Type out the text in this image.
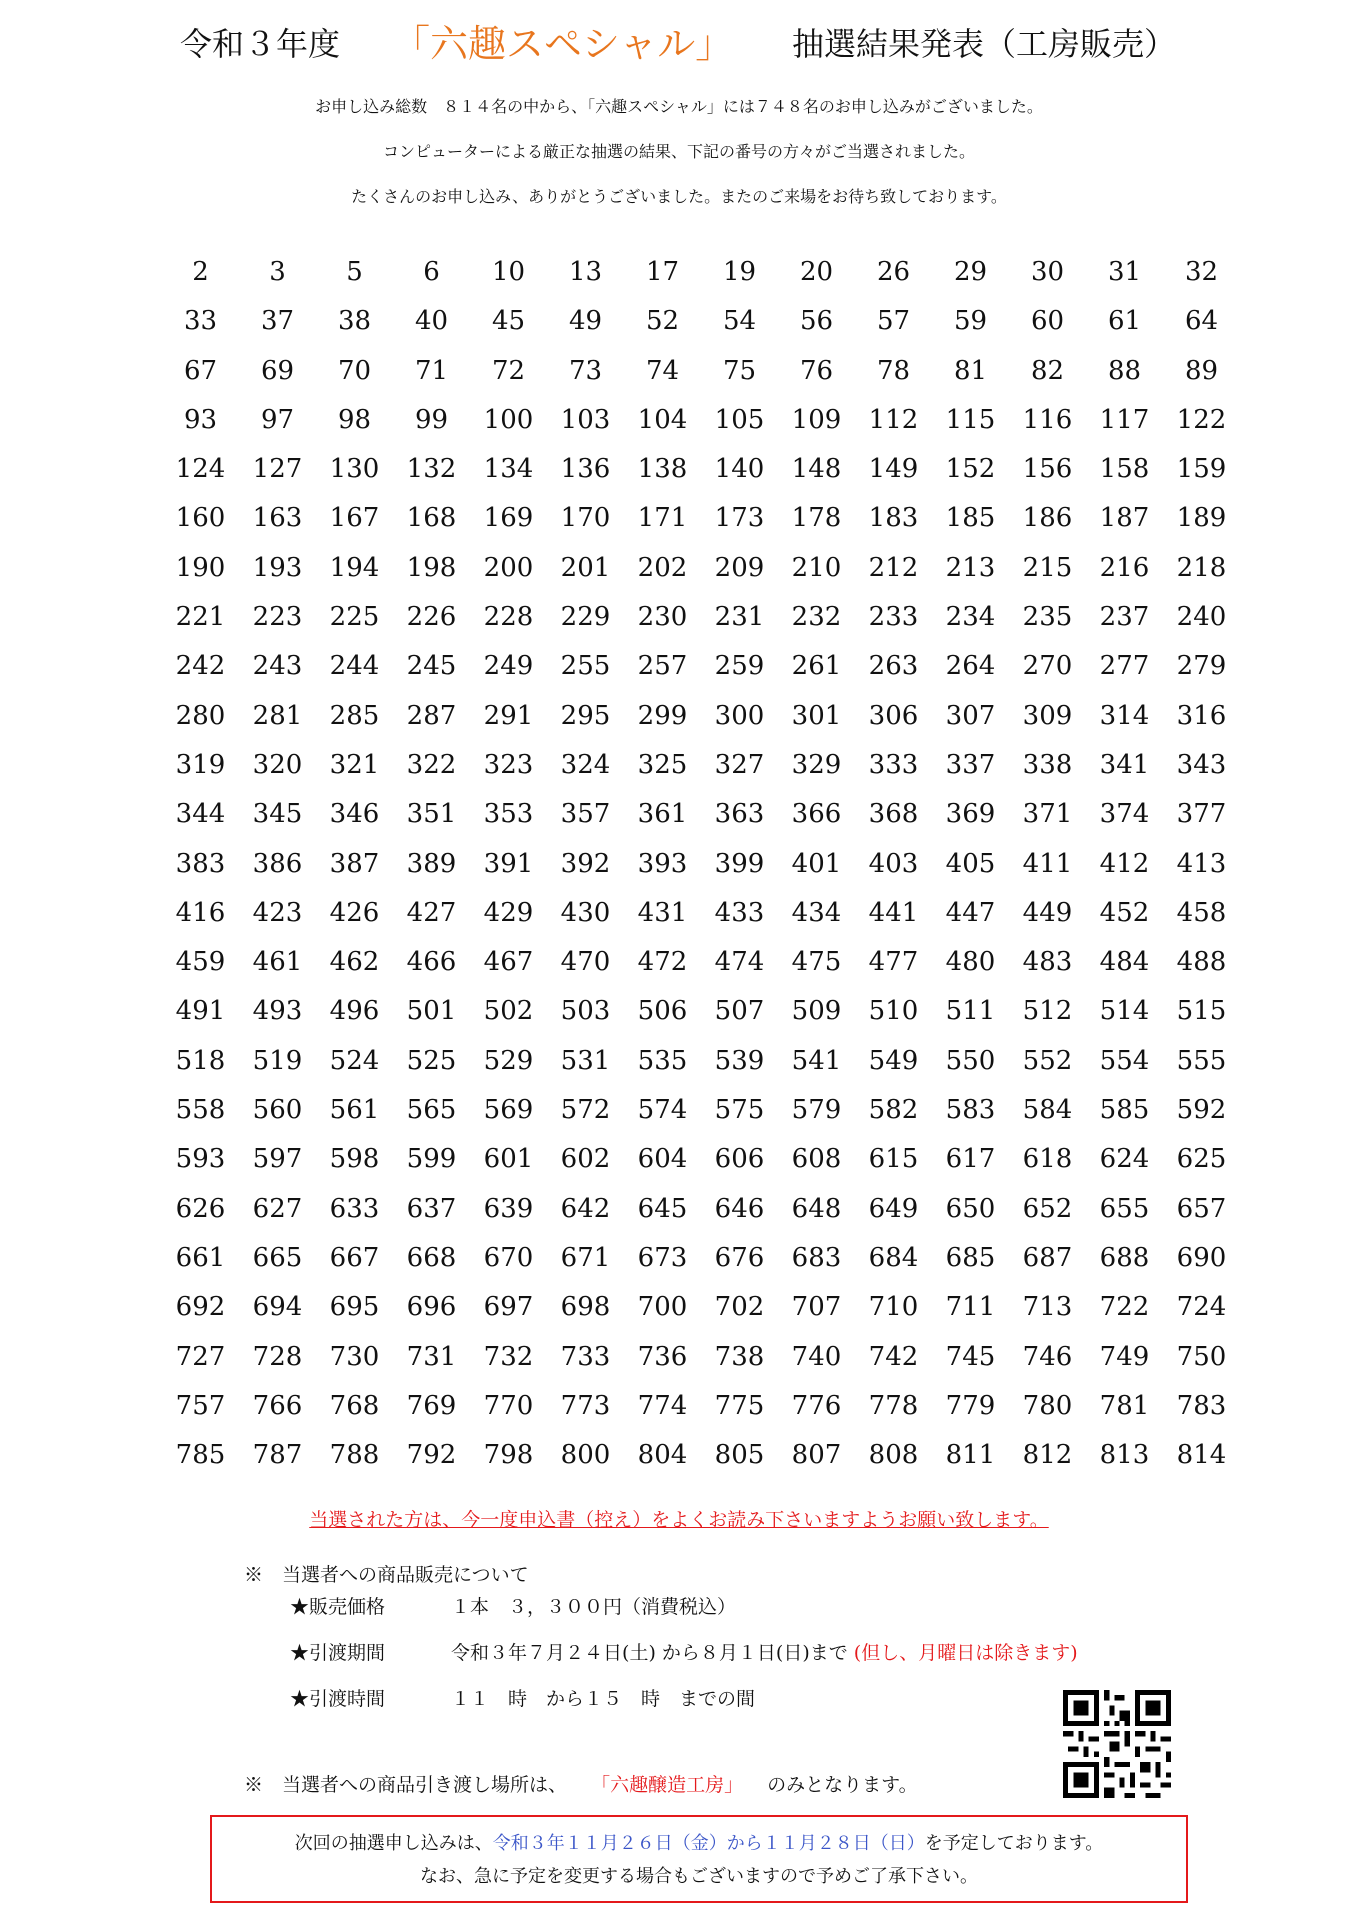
令和３年度 「六趣スペシャル」 抽選結果発表（工房販売）
お申し込み総数　８１４名の中から、「六趣スペシャル」には７４８名のお申し込みがございました。
コンピューターによる厳正な抽選の結果、下記の番号の方々がご当選されました。
たくさんのお申し込み、ありがとうございました。またのご来場をお待ち致しております。
2	3	5	6	10	13	17	19	20	26	29	30	31	32
33	37	38	40	45	49	52	54	56	57	59	60	61	64
67	69	70	71	72	73	74	75	76	78	81	82	88	89
93	97	98	99	100	103	104	105	109	112	115	116	117	122
124	127	130	132	134	136	138	140	148	149	152	156	158	159
160	163	167	168	169	170	171	173	178	183	185	186	187	189
190	193	194	198	200	201	202	209	210	212	213	215	216	218
221	223	225	226	228	229	230	231	232	233	234	235	237	240
242	243	244	245	249	255	257	259	261	263	264	270	277	279
280	281	285	287	291	295	299	300	301	306	307	309	314	316
319	320	321	322	323	324	325	327	329	333	337	338	341	343
344	345	346	351	353	357	361	363	366	368	369	371	374	377
383	386	387	389	391	392	393	399	401	403	405	411	412	413
416	423	426	427	429	430	431	433	434	441	447	449	452	458
459	461	462	466	467	470	472	474	475	477	480	483	484	488
491	493	496	501	502	503	506	507	509	510	511	512	514	515
518	519	524	525	529	531	535	539	541	549	550	552	554	555
558	560	561	565	569	572	574	575	579	582	583	584	585	592
593	597	598	599	601	602	604	606	608	615	617	618	624	625
626	627	633	637	639	642	645	646	648	649	650	652	655	657
661	665	667	668	670	671	673	676	683	684	685	687	688	690
692	694	695	696	697	698	700	702	707	710	711	713	722	724
727	728	730	731	732	733	736	738	740	742	745	746	749	750
757	766	768	769	770	773	774	775	776	778	779	780	781	783
785	787	788	792	798	800	804	805	807	808	811	812	813	814
当選された方は、今一度申込書（控え）をよくお読み下さいますようお願い致します。
※　当選者への商品販売について
★販売価格	１本　３，３００円（消費税込）
★引渡期間	令和３年７月２４日(土) から８月１日(日)まで (但し、月曜日は除きます)
★引渡時間	１１　時　から１５　時　までの間
※　当選者への商品引き渡し場所は、 「六趣醸造工房」 のみとなります。
次回の抽選申し込みは、令和３年１１月２６日（金）から１１月２８日（日）を予定しております。
なお、急に予定を変更する場合もございますので予めご了承下さい。
